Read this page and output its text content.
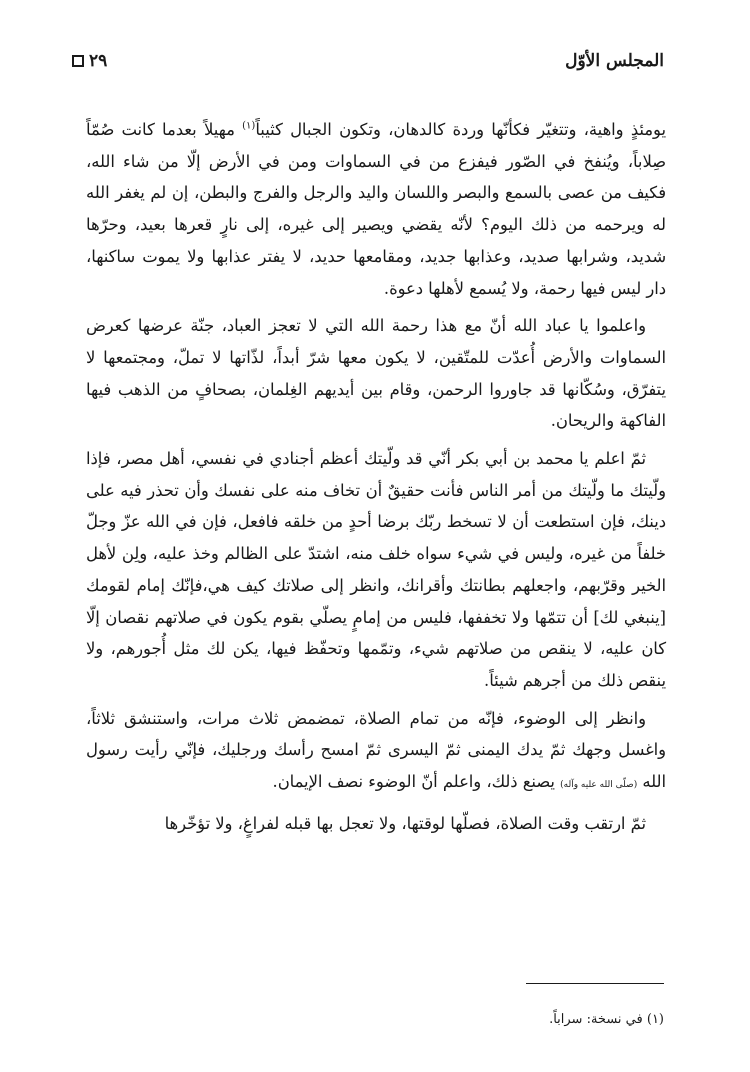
المجلس الأوّل
٢٩

يومئذٍ واهية، وتتغيّر فكأنّها وردة كالدهان، وتكون الجبال كثيباً$^{(١)}$ مهيلاً بعدما كانت صُمّاً صِلاباً، ويُنفخ في الصّور فيفزع من في السماوات ومن في الأرض إلّا من شاء الله، فكيف من عصى بالسمع والبصر واللسان واليد والرجل والفرج والبطن، إن لم يغفر الله له ويرحمه من ذلك اليوم؟ لأنّه يقضي ويصير إلى غيره، إلى نارٍ قعرها بعيد، وحرّها شديد، وشرابها صديد، وعذابها جديد، ومقامعها حديد، لا يفتر عذابها ولا يموت ساكنها، دار ليس فيها رحمة، ولا يُسمع لأهلها دعوة.

واعلموا يا عباد الله أنّ مع هذا رحمة الله التي لا تعجز العباد، جنّة عرضها كعرض السماوات والأرض أُعدّت للمتّقين، لا يكون معها شرّ أبداً، لذّاتها لا تملّ، ومجتمعها لا يتفرّق، وسُكّانها قد جاوروا الرحمن، وقام بين أيديهم الغِلمان، بصحافٍ من الذهب فيها الفاكهة والريحان.

ثمّ اعلم يا محمد بن أبي بكر أنّي قد ولّيتك أعظم أجنادي في نفسي، أهل مصر، فإذا ولّيتك ما ولّيتك من أمر الناس فأنت حقيقٌ أن تخاف منه على نفسك وأن تحذر فيه على دينك، فإن استطعت أن لا تسخط ربّك برضا أحدٍ من خلقه فافعل، فإن في الله عزّ وجلّ خلفاً من غيره، وليس في شيء سواه خلف منه، اشتدّ على الظالم وخذ عليه، ولِن لأهل الخير وقرّبهم، واجعلهم بطانتك وأقرانك، وانظر إلى صلاتك كيف هي،فإنّك إمام لقومك [ينبغي لك] أن تتمّها ولا تخففها، فليس من إمامٍ يصلّي بقوم يكون في صلاتهم نقصان إلّا كان عليه، لا ينقص من صلاتهم شيء، وتمّمها وتحفّظ فيها، يكن لك مثل أُجورهم، ولا ينقص ذلك من أجرهم شيئاً.

وانظر إلى الوضوء، فإنّه من تمام الصلاة، تمضمض ثلاث مرات، واستنشق ثلاثاً، واغسل وجهك ثمّ يدك اليمنى ثمّ اليسرى ثمّ امسح رأسك ورجليك، فإنّي رأيت رسول الله (صلّى الله عليه وآله) يصنع ذلك، واعلم أنّ الوضوء نصف الإيمان.

ثمّ ارتقب وقت الصلاة، فصلّها لوقتها، ولا تعجل بها قبله لفراغٍ، ولا تؤخّرها

(١) في نسخة: سراباً.
